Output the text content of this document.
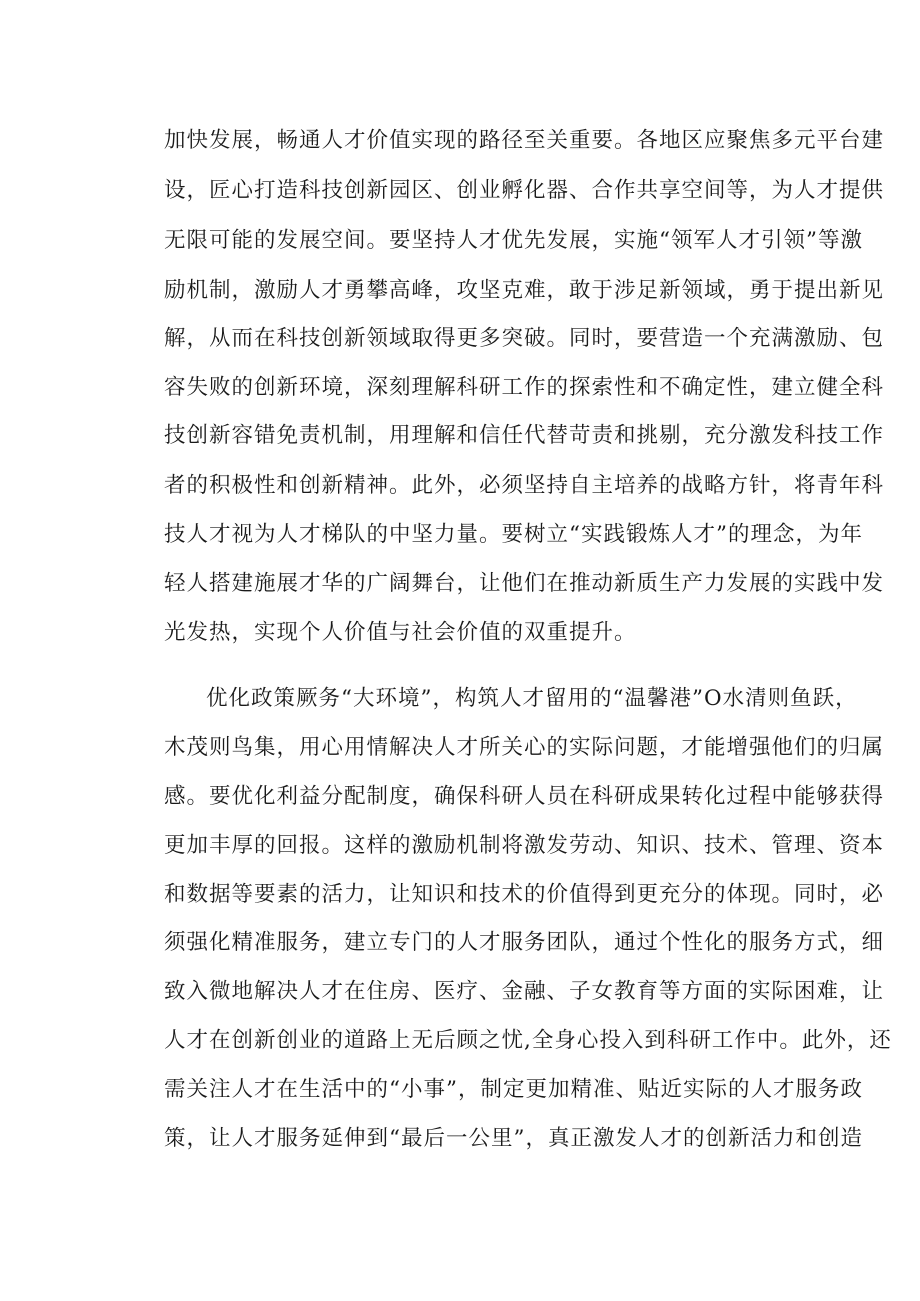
加快发展，畅通人才价值实现的路径至关重要。各地区应聚焦多元平台建

设，匠心打造科技创新园区、创业孵化器、合作共享空间等，为人才提供

无限可能的发展空间。要坚持人才优先发展，实施“领军人才引领”等激

励机制，激励人才勇攀高峰，攻坚克难，敢于涉足新领域，勇于提出新见

解，从而在科技创新领域取得更多突破。同时，要营造一个充满激励、包

容失败的创新环境，深刻理解科研工作的探索性和不确定性，建立健全科

技创新容错免责机制，用理解和信任代替苛责和挑剔，充分激发科技工作

者的积极性和创新精神。此外，必须坚持自主培养的战略方针，将青年科

技人才视为人才梯队的中坚力量。要树立“实践锻炼人才”的理念，为年

轻人搭建施展才华的广阔舞台，让他们在推动新质生产力发展的实践中发

光发热，实现个人价值与社会价值的双重提升。

优化政策厥务“大环境”，构筑人才留用的“温馨港”O水清则鱼跃，

木茂则鸟集，用心用情解决人才所关心的实际问题，才能增强他们的归属

感。要优化利益分配制度，确保科研人员在科研成果转化过程中能够获得

更加丰厚的回报。这样的激励机制将激发劳动、知识、技术、管理、资本

和数据等要素的活力，让知识和技术的价值得到更充分的体现。同时，必

须强化精准服务，建立专门的人才服务团队，通过个性化的服务方式，细

致入微地解决人才在住房、医疗、金融、子女教育等方面的实际困难，让

人才在创新创业的道路上无后顾之忧,全身心投入到科研工作中。此外，还

需关注人才在生活中的“小事”，制定更加精准、贴近实际的人才服务政

策，让人才服务延伸到“最后一公里”，真正激发人才的创新活力和创造
